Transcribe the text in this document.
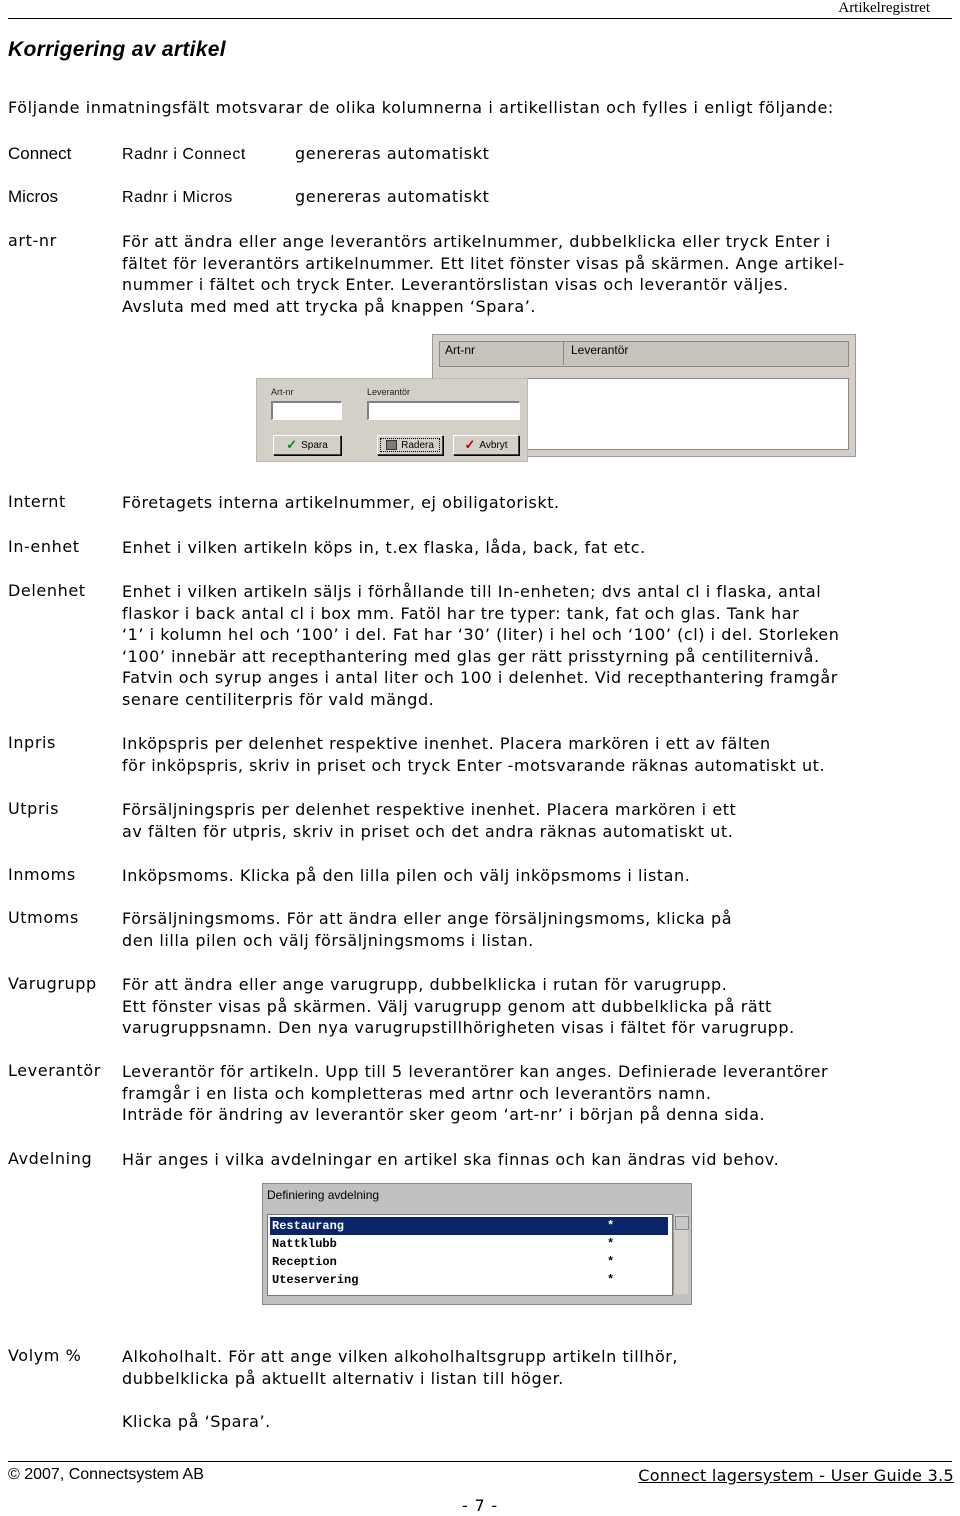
Artikelregistret
Korrigering av artikel
Följande inmatningsfält motsvarar de olika kolumnerna i artikellistan och fylles i enligt följande:
Connect	Radnr i Connect	genereras automatiskt
Micros	Radnr i Micros	genereras automatiskt
art-nr	För att ändra eller ange leverantörs artikelnummer, dubbelklicka eller tryck Enter i
fältet för leverantörs artikelnummer. Ett litet fönster visas på skärmen. Ange artikel-
nummer i fältet och tryck Enter. Leverantörslistan visas och leverantör väljes.
Avsluta med med att trycka på knappen ‘Spara’.
Art-nr	Leverantör
Art-nr	Leverantör
✓ Spara	Radera ✓ Avbryt
Internt	Företagets interna artikelnummer, ej obiligatoriskt.
In-enhet	Enhet i vilken artikeln köps in, t.ex flaska, låda, back, fat etc.
Delenhet Enhet i vilken artikeln säljs i förhållande till In-enheten; dvs antal cl i flaska, antal
flaskor i back antal cl i box mm. Fatöl har tre typer: tank, fat och glas. Tank har
‘1’ i kolumn hel och ‘100’ i del. Fat har ‘30’ (liter) i hel och ‘100’ (cl) i del. Storleken
‘100’ innebär att recepthantering med glas ger rätt prisstyrning på centiliternivå.
Fatvin och syrup anges i antal liter och 100 i delenhet. Vid recepthantering framgår
senare centiliterpris för vald mängd.
Inpris	Inköpspris per delenhet respektive inenhet. Placera markören i ett av fälten
för inköpspris, skriv in priset och tryck Enter -motsvarande räknas automatiskt ut.
Utpris	Försäljningspris per delenhet respektive inenhet. Placera markören i ett
av fälten för utpris, skriv in priset och det andra räknas automatiskt ut.
Inmoms	Inköpsmoms. Klicka på den lilla pilen och välj inköpsmoms i listan.
Utmoms	Försäljningsmoms. För att ändra eller ange försäljningsmoms, klicka på
den lilla pilen och välj försäljningsmoms i listan.
Varugrupp För att ändra eller ange varugrupp, dubbelklicka i rutan för varugrupp.
Ett fönster visas på skärmen. Välj varugrupp genom att dubbelklicka på rätt
varugruppsnamn. Den nya varugrupstillhörigheten visas i fältet för varugrupp.
Leverantör Leverantör för artikeln. Upp till 5 leverantörer kan anges. Definierade leverantörer
framgår i en lista och kompletteras med artnr och leverantörs namn.
Inträde för ändring av leverantör sker geom ‘art-nr’ i början på denna sida.
Avdelning Här anges i vilka avdelningar en artikel ska finnas och kan ändras vid behov.
Definiering avdelning
Restaurang	*
Nattklubb	*
Reception	*
Uteservering	*
Volym %	Alkoholhalt. För att ange vilken alkoholhaltsgrupp artikeln tillhör,
dubbelklicka på aktuellt alternativ i listan till höger.
Klicka på ‘Spara’.
© 2007, Connectsystem AB	Connect lagersystem - User Guide 3.5
- 7 -
